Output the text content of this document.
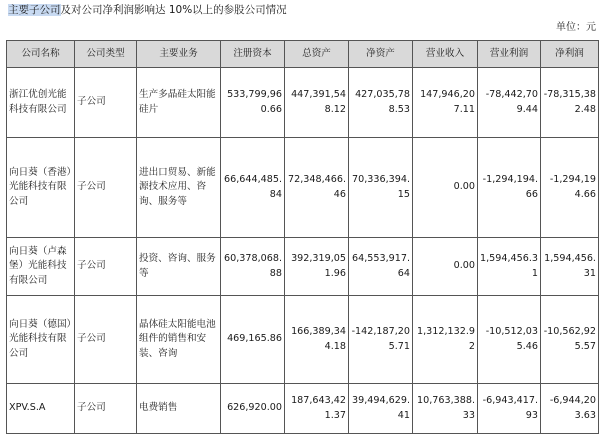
主要子公司及对公司净利润影响达 10%以上的参股公司情况
单位：元
公司名称	公司类型	主要业务	注册资本	总资产	净资产	营业收入	营业利润	净利润
浙江优创光能科技有限公司	子公司	生产多晶硅太阳能硅片	533,799,960.66	447,391,548.12	427,035,788.53	147,946,207.11	-78,442,709.44	-78,315,382.48
向日葵（香港）光能科技有限公司	子公司	进出口贸易、新能源技术应用、咨询、服务等	66,644,485.84	72,348,466.46	70,336,394.15	0.00	-1,294,194.66	-1,294,194.66
向日葵（卢森堡）光能科技有限公司	子公司	投资、咨询、服务等	60,378,068.88	392,319,051.96	64,553,917.64	0.00	1,594,456.31	1,594,456.31
向日葵（德国）光能科技有限公司	子公司	晶体硅太阳能电池组件的销售和安装、咨询	469,165.86	166,389,344.18	-142,187,205.71	1,312,132.92	-10,512,035.46	-10,562,925.57
XPV.S.A	子公司	电费销售	626,920.00	187,643,421.37	39,494,629.41	10,763,388.33	-6,943,417.93	-6,944,203.63
